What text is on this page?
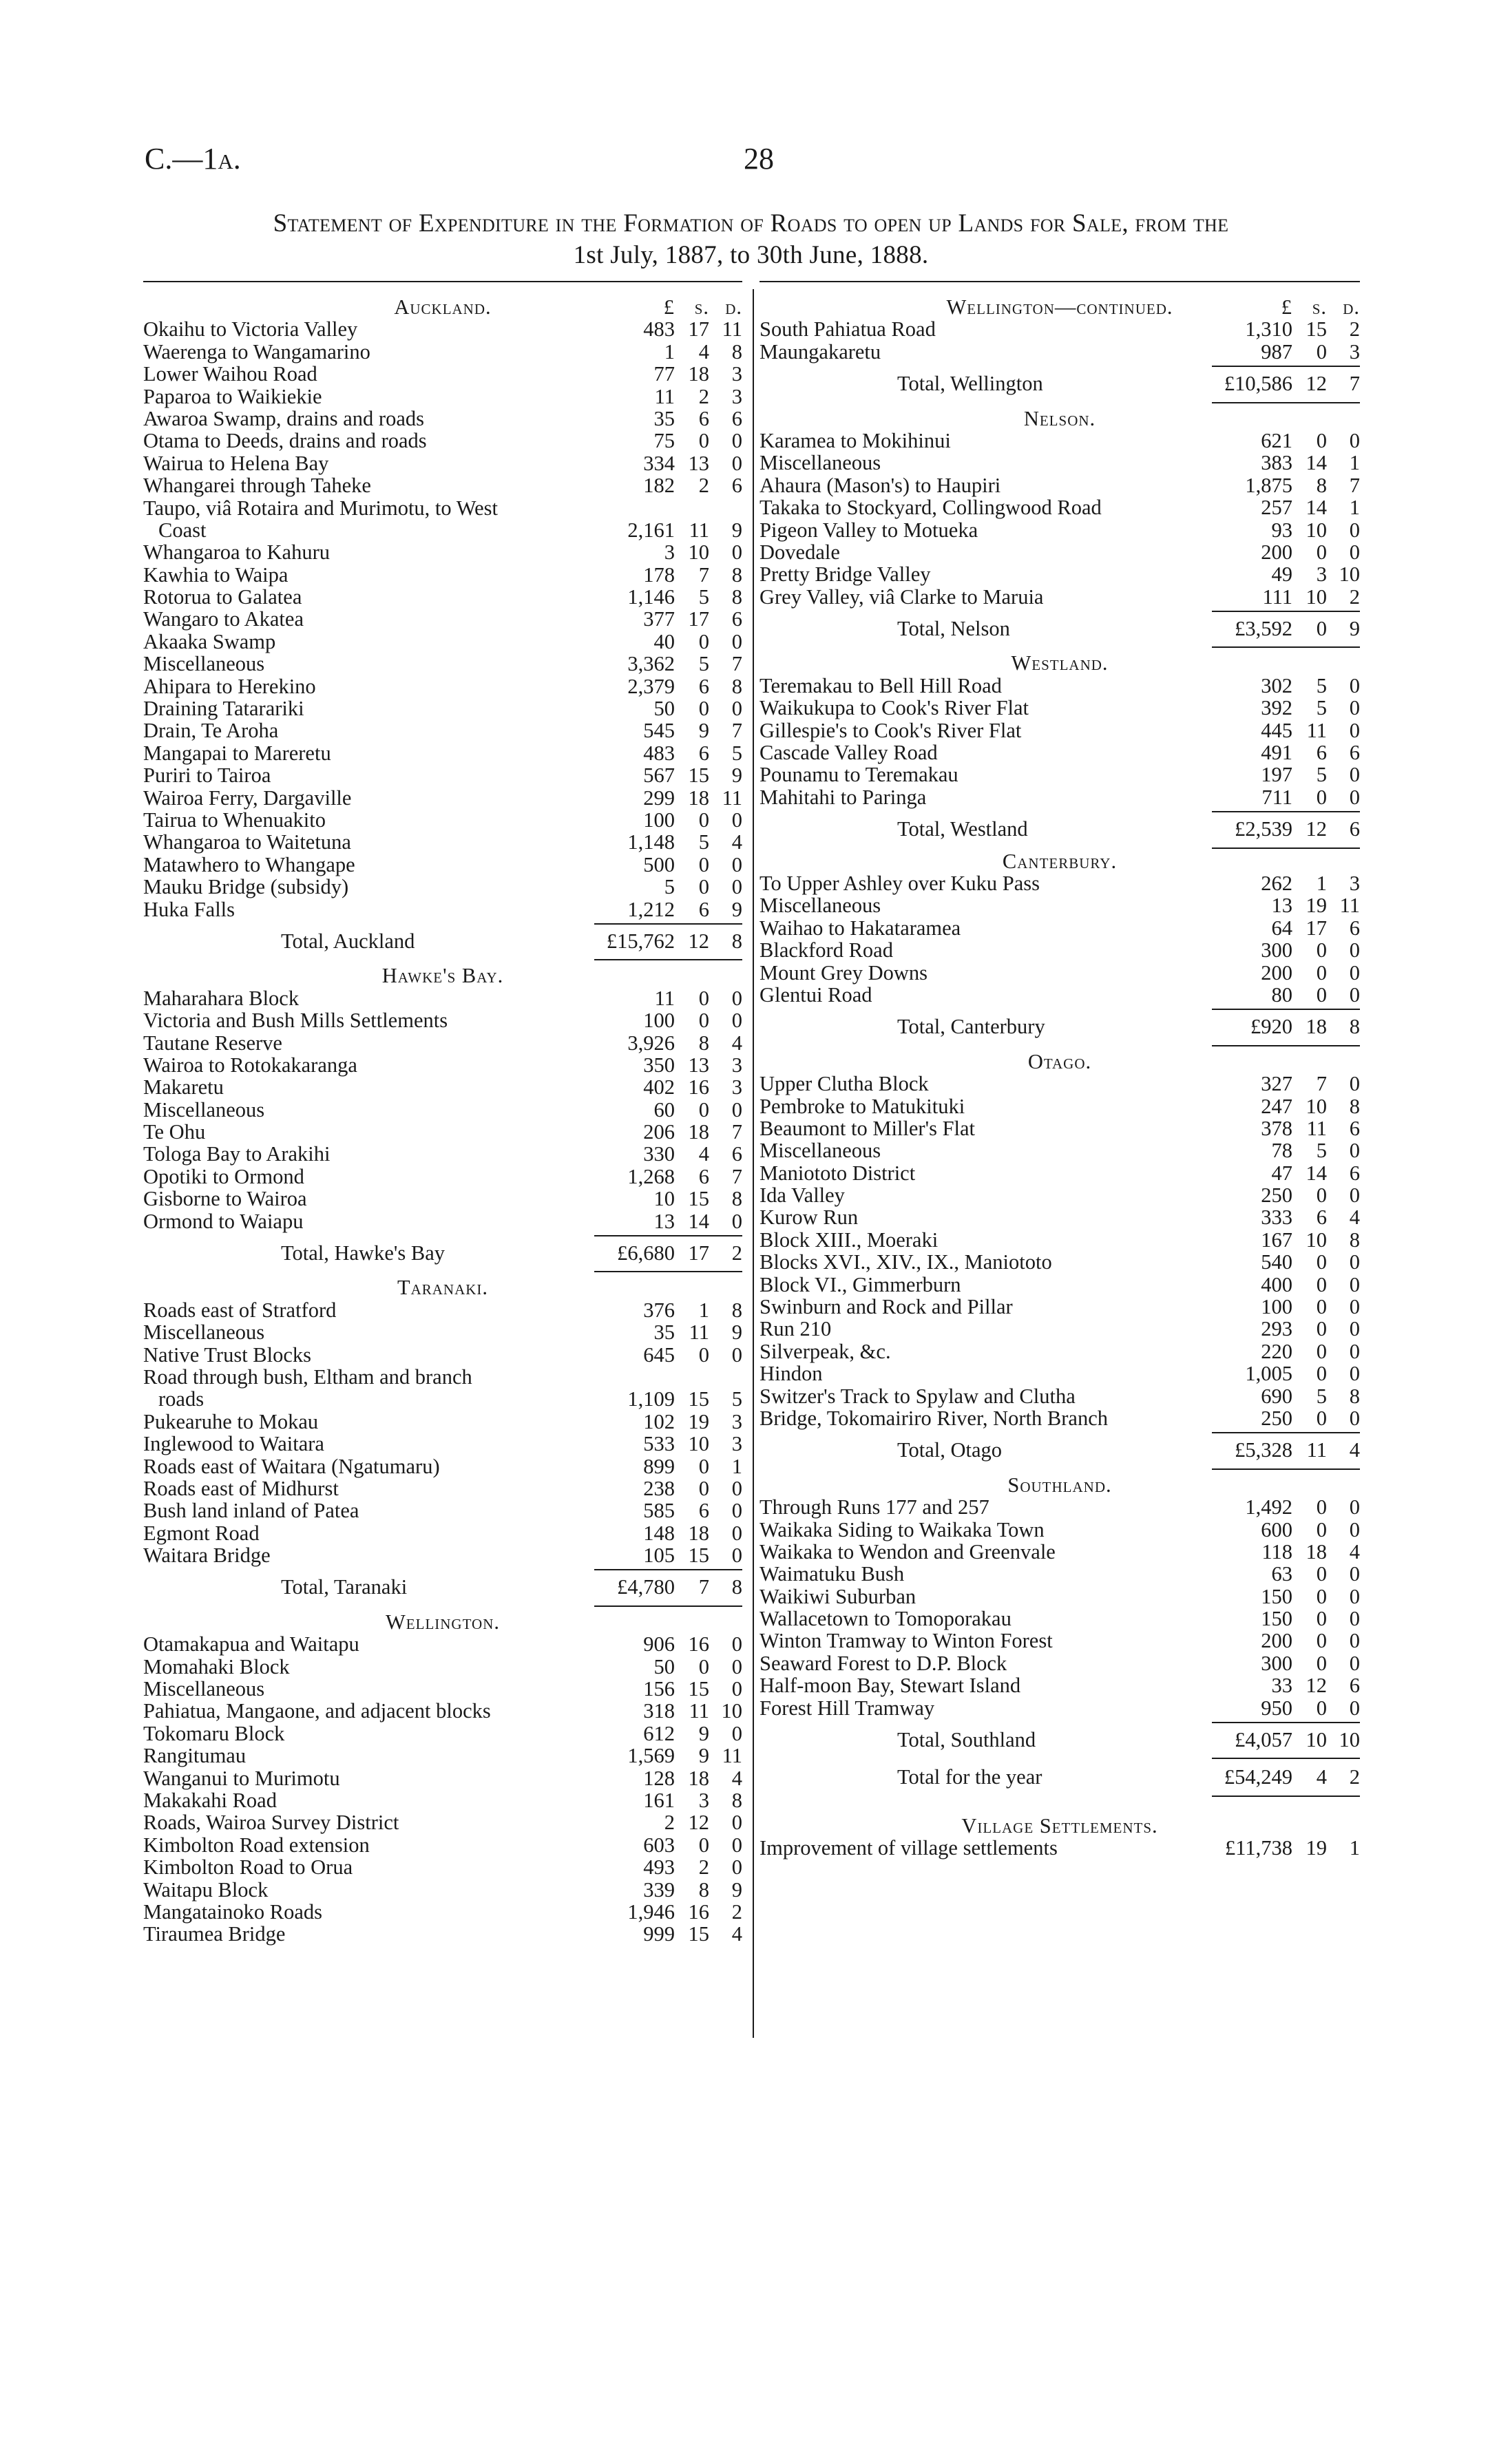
C.—1a.	28
Statement of Expenditure in the Formation of Roads to open up Lands for Sale, from the
1st July, 1887, to 30th June, 1888.
Auckland.	£ s. d.
Okaihu to Victoria Valley	483 17 11
Waerenga to Wangamarino	1	4	8
Lower Waihou Road	77 18	3
Paparoa to Waikiekie	11	2	3
Awaroa Swamp, drains and roads	35	6	6
Otama to Deeds, drains and roads	75	0	0
Wairua to Helena Bay	334 13	0
Whangarei through Taheke	182	2	6
Taupo, viâ Rotaira and Murimotu, to West
Coast	2,161 11	9
Whangaroa to Kahuru	3 10	0
Kawhia to Waipa	178	7	8
Rotorua to Galatea	1,146	5	8
Wangaro to Akatea	377 17	6
Akaaka Swamp	40	0	0
Miscellaneous	3,362	5	7
Ahipara to Herekino	2,379	6	8
Draining Tatarariki	50	0	0
Drain, Te Aroha	545	9	7
Mangapai to Mareretu	483	6	5
Puriri to Tairoa	567 15	9
Wairoa Ferry, Dargaville	299 18 11
Tairua to Whenuakito	100	0	0
Whangaroa to Waitetuna	1,148	5	4
Matawhero to Whangape	500	0	0
Mauku Bridge (subsidy)	5	0	0
Huka Falls	1,212	6	9
Total, Auckland	£15,762 12	8
Hawke's Bay.
Maharahara Block	11	0	0
Victoria and Bush Mills Settlements	100	0	0
Tautane Reserve	3,926	8	4
Wairoa to Rotokakaranga	350 13	3
Makaretu	402 16	3
Miscellaneous	60	0	0
Te Ohu	206 18	7
Tologa Bay to Arakihi	330	4	6
Opotiki to Ormond	1,268	6	7
Gisborne to Wairoa	10 15	8
Ormond to Waiapu	13 14	0
Total, Hawke's Bay	£6,680 17	2
Taranaki.
Roads east of Stratford	376	1	8
Miscellaneous	35 11	9
Native Trust Blocks	645	0	0
Road through bush, Eltham and branch
roads	1,109 15	5
Pukearuhe to Mokau	102 19	3
Inglewood to Waitara	533 10	3
Roads east of Waitara (Ngatumaru)	899	0	1
Roads east of Midhurst	238	0	0
Bush land inland of Patea	585	6	0
Egmont Road	148 18	0
Waitara Bridge	105 15	0
Total, Taranaki	£4,780	7	8
Wellington.
Otamakapua and Waitapu	906 16	0
Momahaki Block	50	0	0
Miscellaneous	156 15	0
Pahiatua, Mangaone, and adjacent blocks	318 11 10
Tokomaru Block	612	9	0
Rangitumau	1,569	9 11
Wanganui to Murimotu	128 18	4
Makakahi Road	161	3	8
Roads, Wairoa Survey District	2 12	0
Kimbolton Road extension	603	0	0
Kimbolton Road to Orua	493	2	0
Waitapu Block	339	8	9
Mangatainoko Roads	1,946 16	2
Tiraumea Bridge	999 15	4
Wellington—continued.	£ s. d.
South Pahiatua Road	1,310 15	2
Maungakaretu	987	0	3
Total, Wellington	£10,586 12	7
Nelson.
Karamea to Mokihinui	621	0	0
Miscellaneous	383 14	1
Ahaura (Mason's) to Haupiri	1,875	8	7
Takaka to Stockyard, Collingwood Road	257 14	1
Pigeon Valley to Motueka	93 10	0
Dovedale	200	0	0
Pretty Bridge Valley	49	3 10
Grey Valley, viâ Clarke to Maruia	111 10	2
Total, Nelson	£3,592	0	9
Westland.
Teremakau to Bell Hill Road	302	5	0
Waikukupa to Cook's River Flat	392	5	0
Gillespie's to Cook's River Flat	445 11	0
Cascade Valley Road	491	6	6
Pounamu to Teremakau	197	5	0
Mahitahi to Paringa	711	0	0
Total, Westland	£2,539 12	6
Canterbury.
To Upper Ashley over Kuku Pass	262	1	3
Miscellaneous	13 19 11
Waihao to Hakataramea	64 17	6
Blackford Road	300	0	0
Mount Grey Downs	200	0	0
Glentui Road	80	0	0
Total, Canterbury	£920 18	8
Otago.
Upper Clutha Block	327	7	0
Pembroke to Matukituki	247 10	8
Beaumont to Miller's Flat	378 11	6
Miscellaneous	78	5	0
Maniototo District	47 14	6
Ida Valley	250	0	0
Kurow Run	333	6	4
Block XIII., Moeraki	167 10	8
Blocks XVI., XIV., IX., Maniototo	540	0	0
Block VI., Gimmerburn	400	0	0
Swinburn and Rock and Pillar	100	0	0
Run 210	293	0	0
Silverpeak, &c.	220	0	0
Hindon	1,005	0	0
Switzer's Track to Spylaw and Clutha	690	5	8
Bridge, Tokomairiro River, North Branch	250	0	0
Total, Otago	£5,328 11	4
Southland.
Through Runs 177 and 257	1,492	0	0
Waikaka Siding to Waikaka Town	600	0	0
Waikaka to Wendon and Greenvale	118 18	4
Waimatuku Bush	63	0	0
Waikiwi Suburban	150	0	0
Wallacetown to Tomoporakau	150	0	0
Winton Tramway to Winton Forest	200	0	0
Seaward Forest to D.P. Block	300	0	0
Half-moon Bay, Stewart Island	33 12	6
Forest Hill Tramway	950	0	0
Total, Southland	£4,057 10 10
Total for the year	£54,249	4	2
Village Settlements.
Improvement of village settlements	£11,738 19	1
